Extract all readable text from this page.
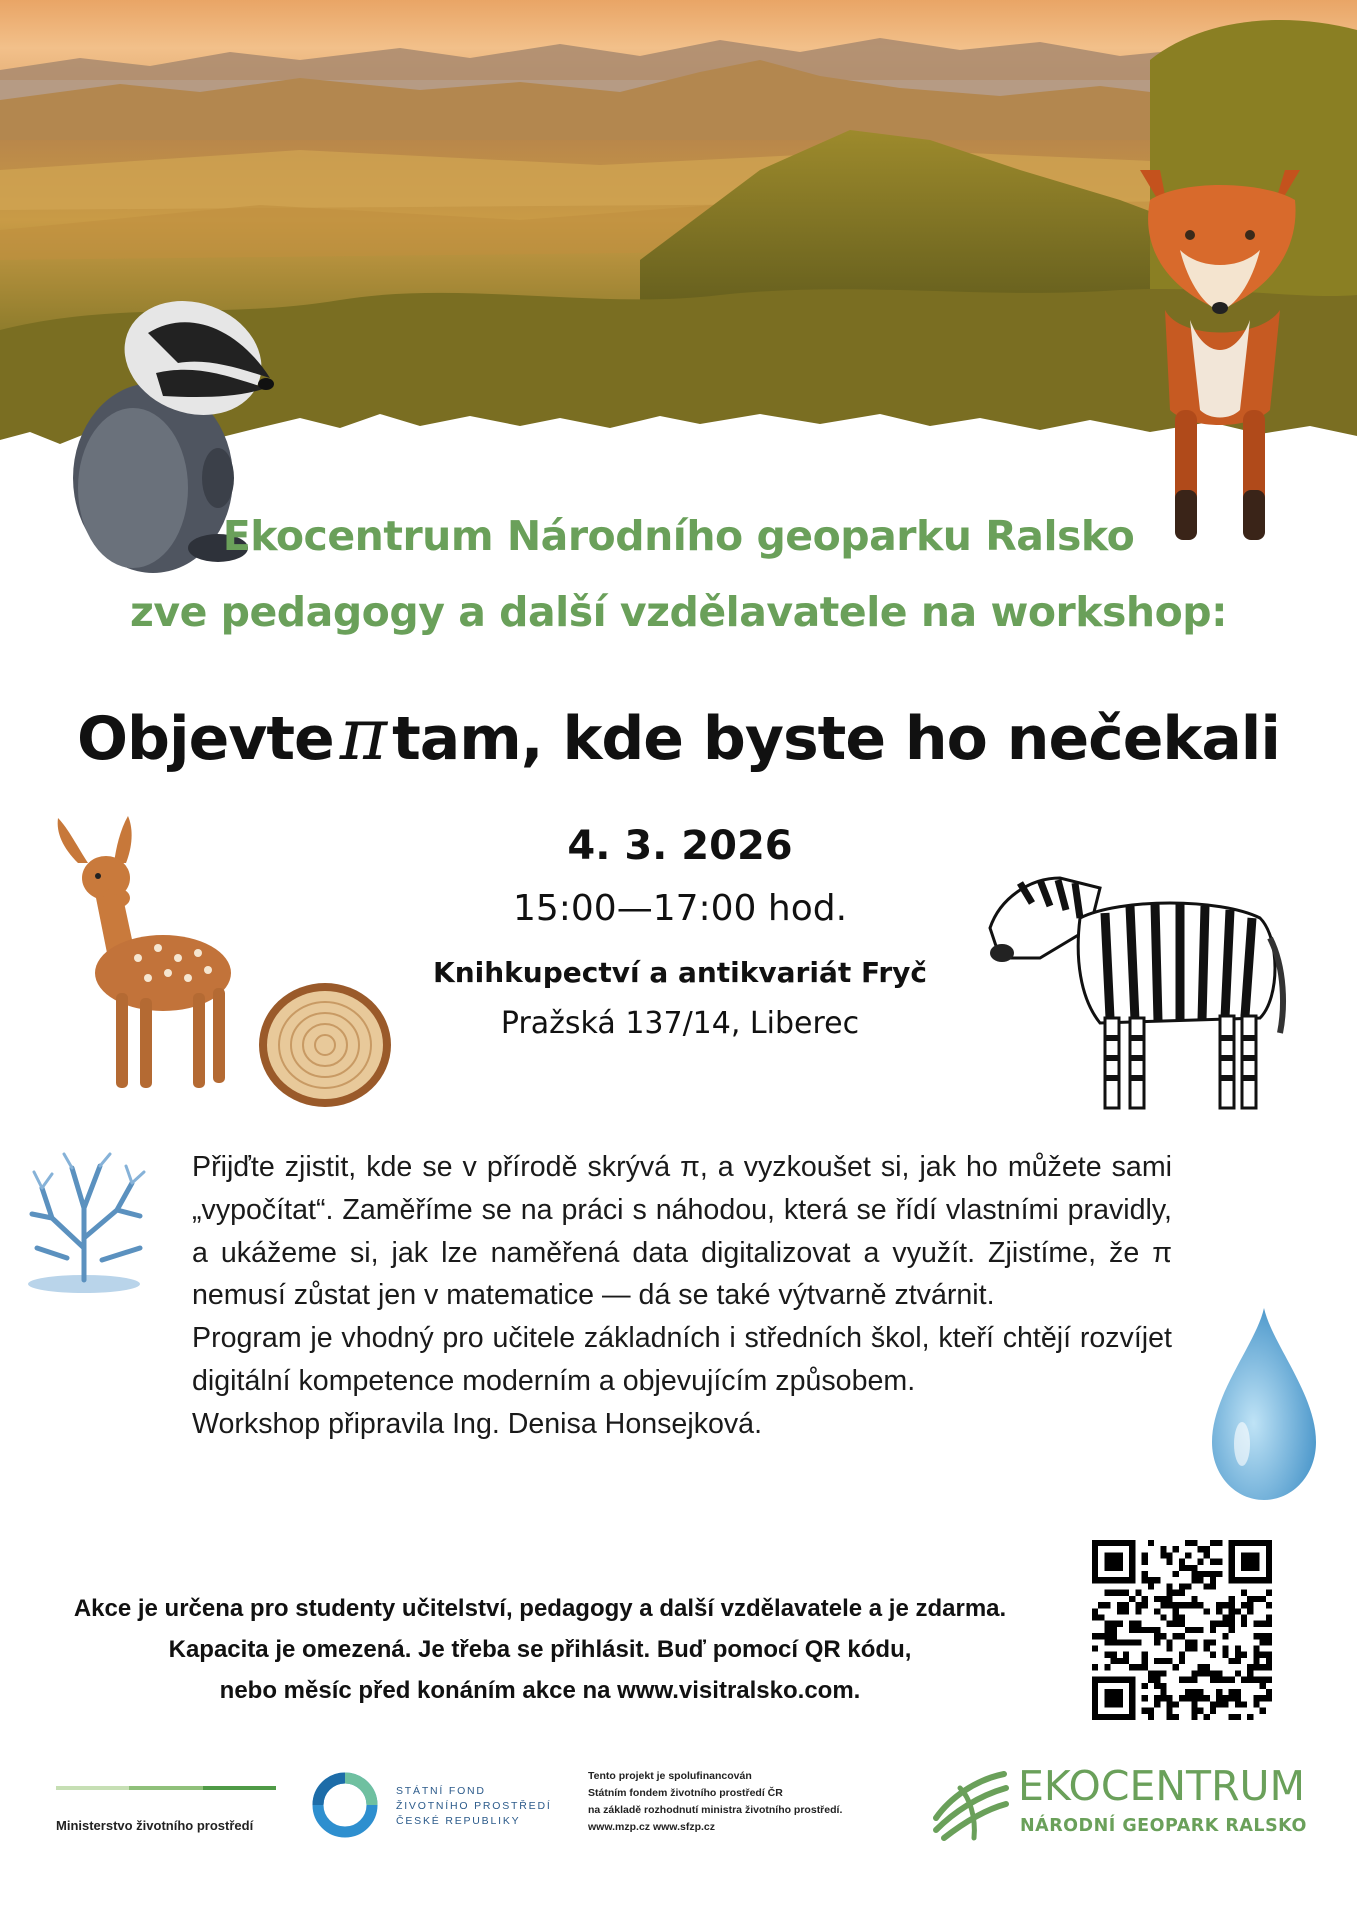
Ekocentrum Národního geoparku Ralsko
zve pedagogy a další vzdělavatele na workshop:
Objevteπ tam, kde byste ho nečekali
4. 3. 2026
15:00—17:00 hod.
Knihkupectví a antikvariát Fryč
Pražská 137/14, Liberec

Přijďte zjistit, kde se v přírodě skrývá π, a vyzkoušet si, jak ho můžete sami „vypočítat“. Zaměříme se na práci s náhodou, která se řídí vlastními pravidly, a ukážeme si, jak lze naměřená data digitalizovat a využít. Zjistíme, že π nemusí zůstat jen v matematice — dá se také výtvarně ztvárnit.

Program je vhodný pro učitele základních i středních škol, kteří chtějí rozvíjet digitální kompetence moderním a objevujícím způsobem.

Workshop připravila Ing. Denisa Honsejková.

Akce je určena pro studenty učitelství, pedagogy a další vzdělavatele a je zdarma.
Kapacita je omezená. Je třeba se přihlásit. Buď pomocí QR kódu,
nebo měsíc před konáním akce na www.visitralsko.com.
Ministerstvo životního prostředí
STÁTNÍ FOND
ŽIVOTNÍHO PROSTŘEDÍ
ČESKÉ REPUBLIKY
Tento projekt je spolufinancován
Státním fondem životního prostředí ČR
na základě rozhodnutí ministra životního prostředí.
www.mzp.cz www.sfzp.cz
EKOCENTRUM
NÁRODNÍ GEOPARK RALSKO
